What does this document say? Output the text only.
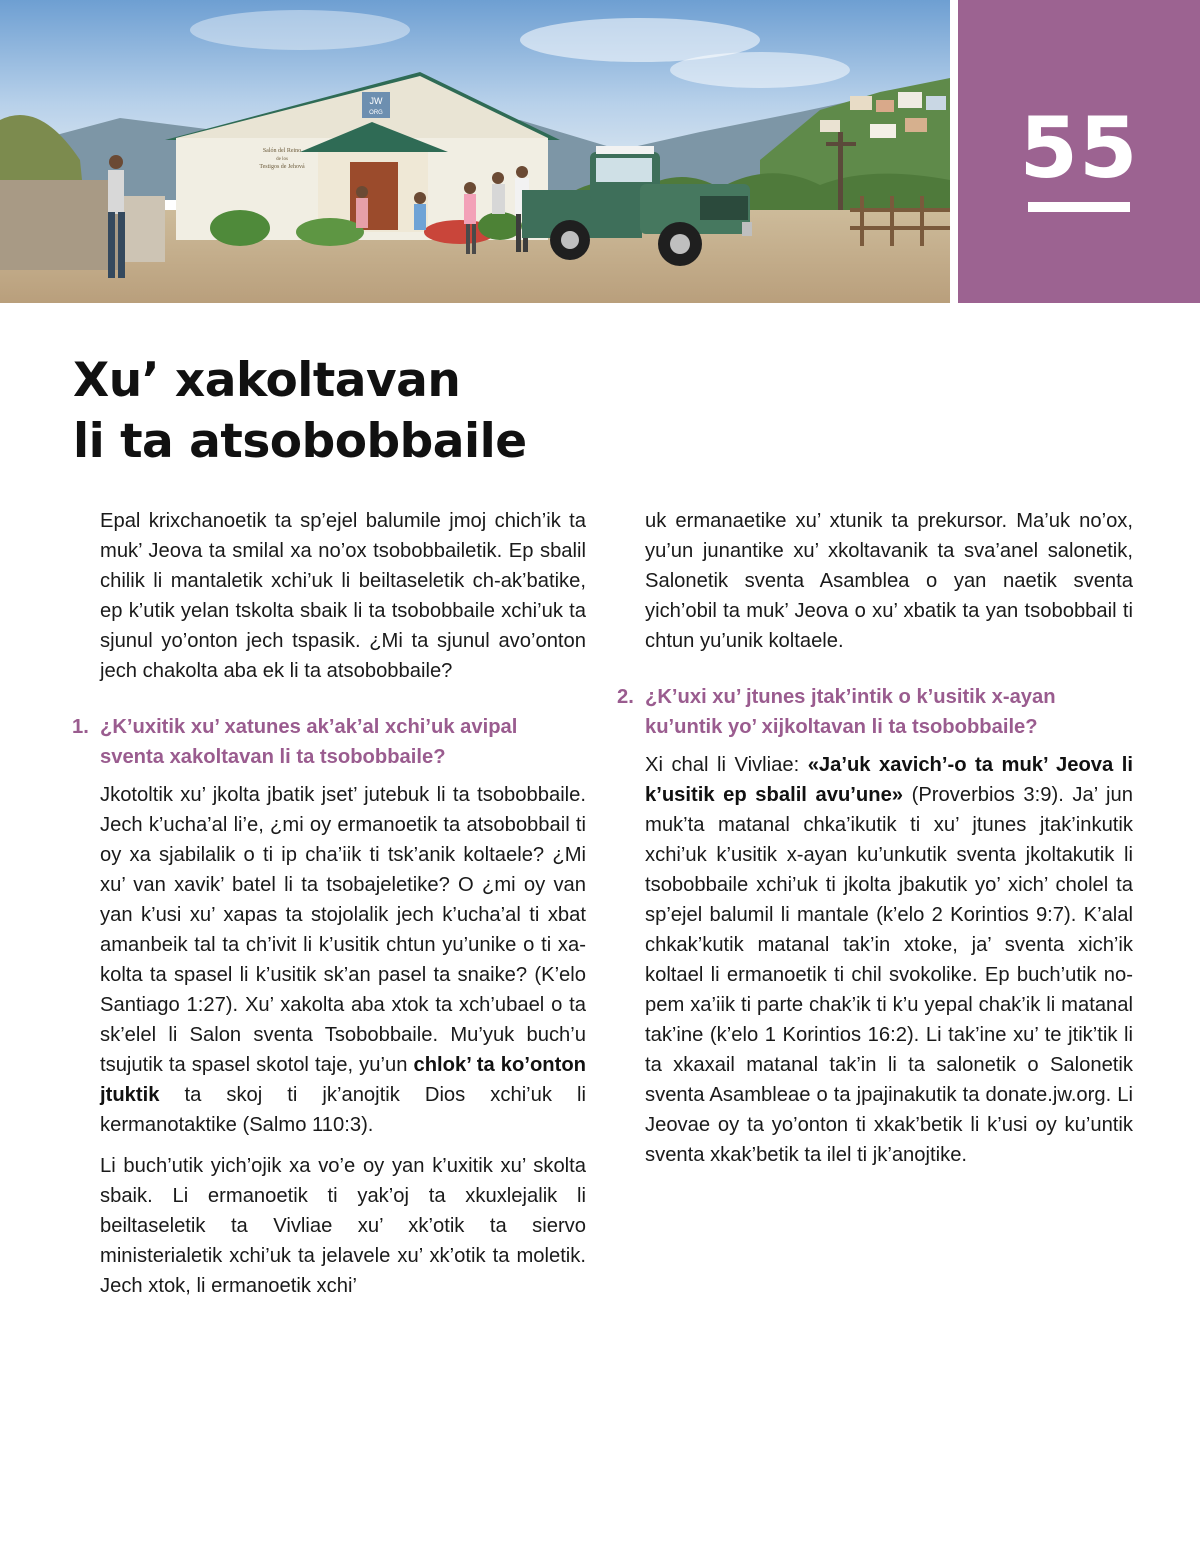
JW
ORG
Salón del Reino
de los
Testigos de Jehová	55
Xu’ xakoltavan
li ta atsobobbaile

Epal krixchanoetik ta sp’ejel balumile jmoj chich’ik ta muk’ Jeova ta smilal xa no’ox tsobobbailetik. Ep sbalil chilik li mantaletik xchi’uk li beiltaseletik ch-ak’batike, ep k’utik yelan tskolta sbaik li ta tsobobbaile xchi’uk ta sjunul yo’onton jech tspasik. ¿Mi ta sjunul avo’onton jech chakolta aba ek li ta atsobobbaile?

1. ¿K’uxitik xu’ xatunes ak’ak’al xchi’uk avipal sventa xakoltavan li ta tsobobbaile?

Jkotoltik xu’ jkolta jbatik jset’ jutebuk li ta tsobobbaile. Jech k’ucha’al li’e, ¿mi oy ermanoetik ta atsobobbail ti oy xa sjabilalik o ti ip cha’iik ti tsk’anik koltaele? ¿Mi xu’ van xavik’ batel li ta tsobajeletike? O ¿mi oy van yan k’usi xu’ xapas ta stojolalik jech k’ucha’al ti xbat amanbeik tal ta ch’ivit li k’usitik chtun yu’unike o ti xakolta ta spasel li k’usitik sk’an pasel ta snaike? (K’elo Santiago 1:27). Xu’ xakolta aba xtok ta xch’ubael o ta sk’elel li Salon sventa Tsobobbaile. Mu’yuk buch’u tsujutik ta spasel skotol taje, yu’un chlok’ ta ko’onton jtuktik ta skoj ti jk’anojtik Dios xchi’uk li kermanotaktike (Salmo 110:3).

Li buch’utik yich’ojik xa vo’e oy yan k’uxitik xu’ skolta sbaik. Li ermanoetik ti yak’oj ta xkuxlejalik li beiltaseletik ta Vivliae xu’ xk’otik ta siervo ministerialetik xchi’uk ta jelavele xu’ xk’otik ta moletik. Jech xtok, li ermanoetik xchi’

uk ermanaetike xu’ xtunik ta prekursor. Ma’uk no’ox, yu’un junantike xu’ xkoltavanik ta sva’anel salonetik, Salonetik sventa Asamblea o yan naetik sventa yich’obil ta muk’ Jeova o xu’ xbatik ta yan tsobobbail ti chtun yu’unik koltaele.

2. ¿K’uxi xu’ jtunes jtak’intik o k’usitik x-ayan ku’untik yo’ xijkoltavan li ta tsobobbaile?

Xi chal li Vivliae: «Ja’uk xavich’-o ta muk’ Jeova li k’usitik ep sbalil avu’une» (Proverbios 3:9). Ja’ jun muk’ta matanal chka’ikutik ti xu’ jtunes jtak’inkutik xchi’uk k’usitik x-ayan ku’unkutik sventa jkoltakutik li tsobobbaile xchi’uk ti jkolta jbakutik yo’ xich’ cholel ta sp’ejel balumil li mantale (k’elo 2 Korintios 9:7). K’alal chkak’kutik matanal tak’in xtoke, ja’ sventa xich’ik koltael li ermanoetik ti chil svokolike. Ep buch’utik nopem xa’iik ti parte chak’ik ti k’u yepal chak’ik li matanal tak’ine (k’elo 1 Korintios 16:2). Li tak’ine xu’ te jtik’tik li ta xkaxail matanal tak’in li ta salonetik o Salonetik sventa Asambleae o ta jpajinakutik ta donate.jw.org. Li Jeovae oy ta yo’onton ti xkak’betik li k’usi oy ku’untik sventa xkak’betik ta ilel ti jk’anojtike.
